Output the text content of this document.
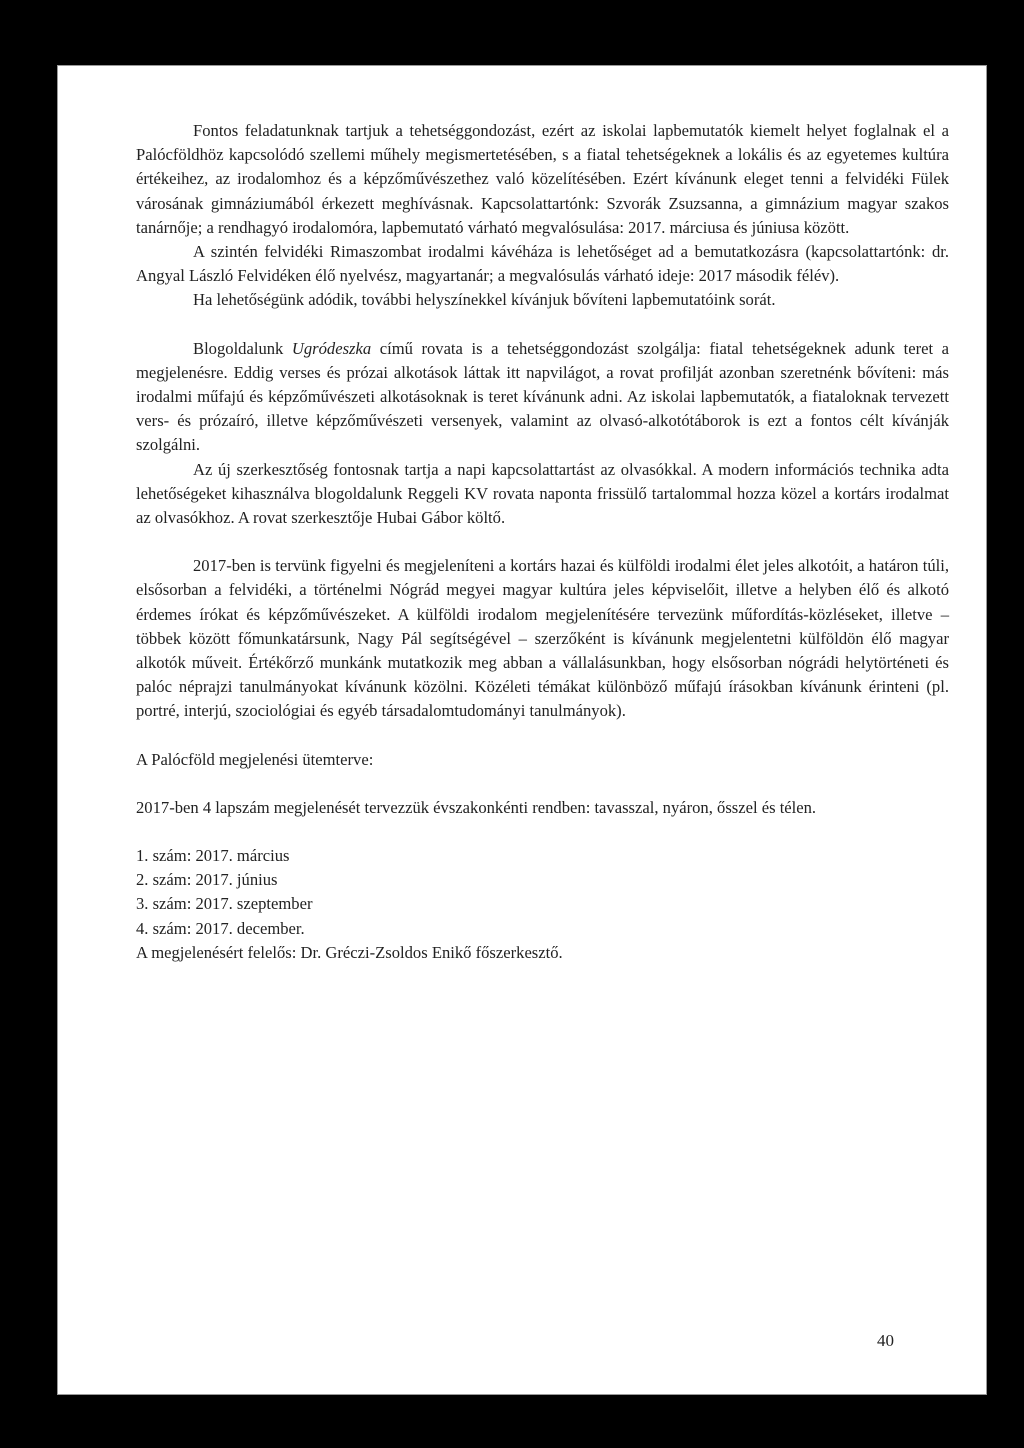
Fontos feladatunknak tartjuk a tehetséggondozást, ezért az iskolai lapbemutatók kiemelt helyet foglalnak el a Palócföldhöz kapcsolódó szellemi műhely megismertetésében, s a fiatal tehetségeknek a lokális és az egyetemes kultúra értékeihez, az irodalomhoz és a képzőművészethez való közelítésében. Ezért kívánunk eleget tenni a felvidéki Fülek városának gimnáziumából érkezett meghívásnak. Kapcsolattartónk: Szvorák Zsuzsanna, a gimnázium magyar szakos tanárnője; a rendhagyó irodalomóra, lapbemutató várható megvalósulása: 2017. márciusa és júniusa között.

A szintén felvidéki Rimaszombat irodalmi kávéháza is lehetőséget ad a bemutatkozásra (kapcsolattartónk: dr. Angyal László Felvidéken élő nyelvész, magyartanár; a megvalósulás várható ideje: 2017 második félév).

Ha lehetőségünk adódik, további helyszínekkel kívánjuk bővíteni lapbemutatóink sorát.

Blogoldalunk Ugródeszka című rovata is a tehetséggondozást szolgálja: fiatal tehetségeknek adunk teret a megjelenésre. Eddig verses és prózai alkotások láttak itt napvilágot, a rovat profilját azonban szeretnénk bővíteni: más irodalmi műfajú és képzőművészeti alkotásoknak is teret kívánunk adni. Az iskolai lapbemutatók, a fiataloknak tervezett vers- és prózaíró, illetve képzőművészeti versenyek, valamint az olvasó-alkotótáborok is ezt a fontos célt kívánják szolgálni.

Az új szerkesztőség fontosnak tartja a napi kapcsolattartást az olvasókkal. A modern információs technika adta lehetőségeket kihasználva blogoldalunk Reggeli KV rovata naponta frissülő tartalommal hozza közel a kortárs irodalmat az olvasókhoz. A rovat szerkesztője Hubai Gábor költő.

2017-ben is tervünk figyelni és megjeleníteni a kortárs hazai és külföldi irodalmi élet jeles alkotóit, a határon túli, elsősorban a felvidéki, a történelmi Nógrád megyei magyar kultúra jeles képviselőit, illetve a helyben élő és alkotó érdemes írókat és képzőművészeket. A külföldi irodalom megjelenítésére tervezünk műfordítás-közléseket, illetve – többek között főmunkatársunk, Nagy Pál segítségével – szerzőként is kívánunk megjelentetni külföldön élő magyar alkotók műveit. Értékőrző munkánk mutatkozik meg abban a vállalásunkban, hogy elsősorban nógrádi helytörténeti és palóc néprajzi tanulmányokat kívánunk közölni. Közéleti témákat különböző műfajú írásokban kívánunk érinteni (pl. portré, interjú, szociológiai és egyéb társadalomtudományi tanulmányok).

A Palócföld megjelenési ütemterve:

2017-ben 4 lapszám megjelenését tervezzük évszakonkénti rendben: tavasszal, nyáron, ősszel és télen.

1. szám: 2017. március
2. szám: 2017. június
3. szám: 2017. szeptember
4. szám: 2017. december.

A megjelenésért felelős: Dr. Gréczi-Zsoldos Enikő főszerkesztő.

40
